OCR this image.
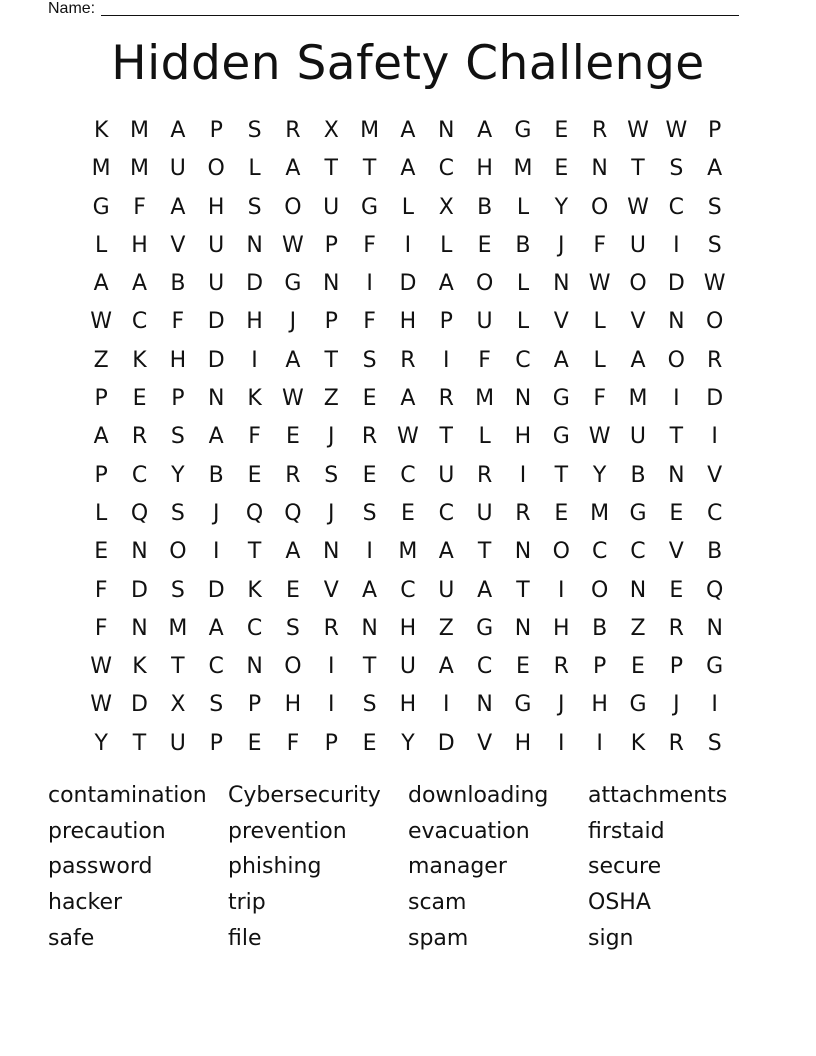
Name:
Hidden Safety Challenge
K M A	P	S	R	X M A	N	A	G	E	R W W P
M M U O	L	A	T	T	A	C	H M E	N	T	S	A
G	F	A	H	S	O U G	L	X	B	L	Y	O W C	S
L	H	V	U	N W P	F	I	L	E	B	J	F	U	I	S
A	A	B	U D G N	I	D	A	O	L	N W O D W
W C	F	D H	J	P	F	H	P	U	L	V	L	V	N O
Z	K	H D	I	A	T	S	R	I	F	C	A	L	A	O	R
P	E	P	N	K W Z	E	A	R M N G	F	M	I	D
A	R	S	A	F	E	J	R W T	L	H G W U	T	I
P	C	Y	B	E	R	S	E	C	U	R	I	T	Y	B	N	V
L	Q	S	J	Q Q	J	S	E	C	U	R	E M G	E	C
E	N O	I	T	A	N	I	M A	T	N O	C	C	V	B
F	D	S	D	K	E	V	A	C	U	A	T	I	O N	E	Q
F	N M A	C	S	R	N H	Z	G N H	B	Z	R	N
W K	T	C	N O	I	T	U	A	C	E	R	P	E	P	G
W D	X	S	P	H	I	S	H	I	N G	J	H G	J	I
Y	T	U	P	E	F	P	E	Y	D	V	H	I	I	K	R	S
contamination Cybersecurity	downloading	attachments
precaution	prevention	evacuation	firstaid
password	phishing	manager	secure
hacker	trip	scam	OSHA
safe	file	spam	sign
